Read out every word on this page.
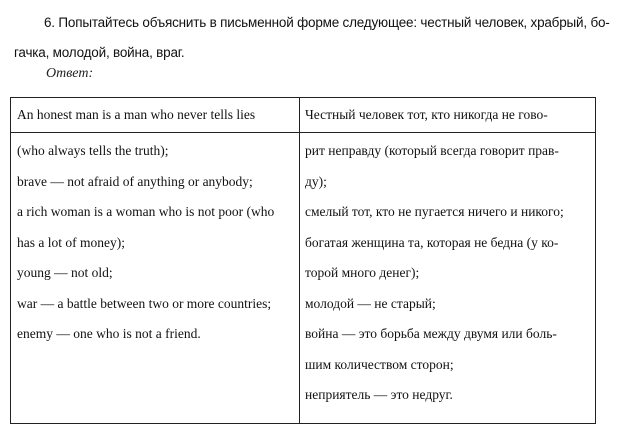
6. Попытайтесь объяснить в письменной форме следующее: честный человек, храбрый, бо-
гачка, молодой, война, враг.
Ответ:
An honest man is a man who never tells lies	Честный человек тот, кто никогда не гово-
(who always tells the truth);
brave — not afraid of anything or anybody;
a rich woman is a woman who is not poor (who
has a lot of money);
young — not old;
war — a battle between two or more countries;
enemy — one who is not a friend.
рит неправду (который всегда говорит прав-
ду);
смелый тот, кто не пугается ничего и никого;
богатая женщина та, которая не бедна (у ко-
торой много денег);
молодой — не старый;
война — это борьба между двумя или боль-
шим количеством сторон;
неприятель — это недруг.
